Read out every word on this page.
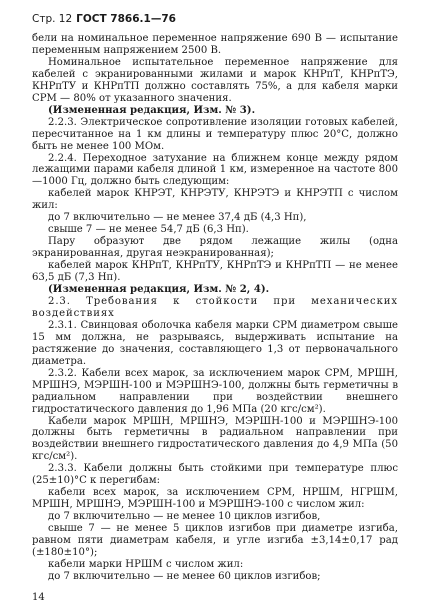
Стр. 12 ГОСТ 7866.1—76

бели на номинальное переменное напряжение 690 В — испытание переменным напряжением 2500 В.

Номинальное испытательное переменное напряжение для кабелей с экранированными жилами и марок КНРпТ, КНРпТЭ, КНРпТУ и КНРпТП должно составлять 75%, а для кабеля марки СРМ — 80% от указанного значения.

(Измененная редакция, Изм. № 3).

2.2.3. Электрическое сопротивление изоляции готовых кабелей, пересчитанное на 1 км длины и температуру плюс 20°С, должно быть не менее 100 МОм.

2.2.4. Переходное затухание на ближнем конце между рядом лежащими парами кабеля длиной 1 км, измеренное на частоте 800—1000 Гц, должно быть следующим:

кабелей марок КНРЭТ, КНРЭТУ, КНРЭТЭ и КНРЭТП с числом жил:

до 7 включительно — не менее 37,4 дБ (4,3 Нп),

свыше 7 — не менее 54,7 дБ (6,3 Нп).

Пару образуют две рядом лежащие жилы (одна экранированная, другая неэкранированная);

кабелей марок КНРпТ, КНРпТУ, КНРпТЭ и КНРпТП — не менее 63,5 дБ (7,3 Нп).

(Измененная редакция, Изм. № 2, 4).

2.3. Требования к стойкости при механических воздействиях

2.3.1. Свинцовая оболочка кабеля марки СРМ диаметром свыше 15 мм должна, не разрываясь, выдерживать испытание на растяжение до значения, составляющего 1,3 от первоначального диаметра.

2.3.2. Кабели всех марок, за исключением марок СРМ, МРШН, МРШНЭ, МЭРШН-100 и МЭРШНЭ-100, должны быть герметичны в радиальном направлении при воздействии внешнего гидростатического давления до 1,96 МПа (20 кгс/см²).

Кабели марок МРШН, МРШНЭ, МЭРШН-100 и МЭРШНЭ-100 должны быть герметичны в радиальном направлении при воздействии внешнего гидростатического давления до 4,9 МПа (50 кгс/см²).

2.3.3. Кабели должны быть стойкими при температуре плюс (25±10)°С к перегибам:

кабели всех марок, за исключением СРМ, НРШМ, НГРШМ, МРШН, МРШНЭ, МЭРШН-100 и МЭРШНЭ-100 с числом жил:

до 7 включительно — не менее 10 циклов изгибов,

свыше 7 — не менее 5 циклов изгибов при диаметре изгиба, равном пяти диаметрам кабеля, и угле изгиба ±3,14±0,17 рад (±180±10°);

кабели марки НРШМ с числом жил:

до 7 включительно — не менее 60 циклов изгибов;

14
